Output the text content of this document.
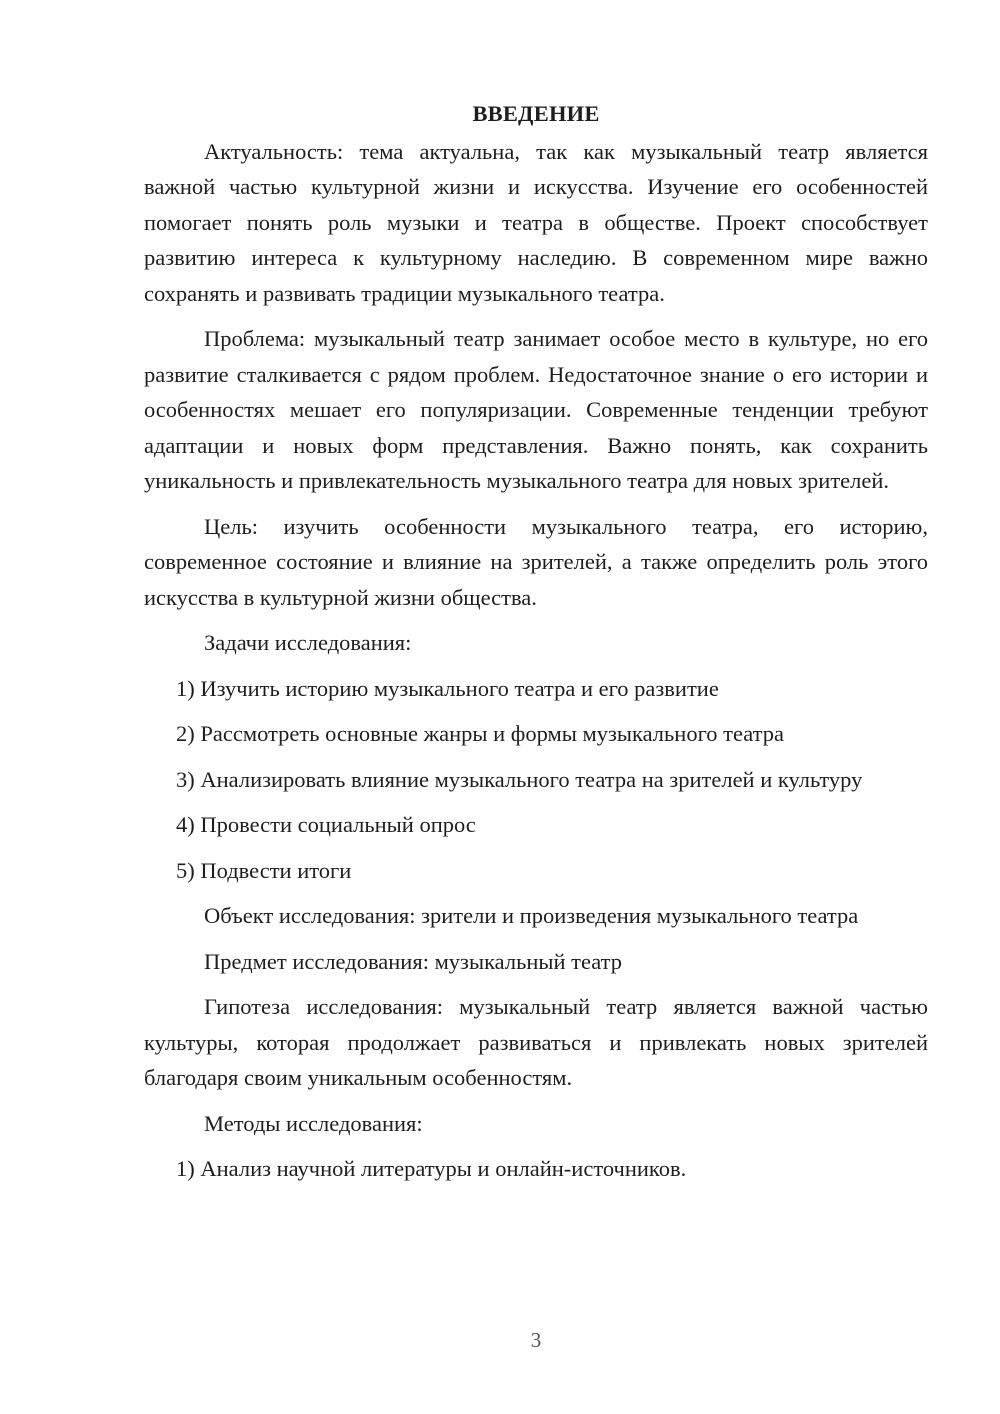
ВВЕДЕНИЕ

Актуальность: тема актуальна, так как музыкальный театр является важной частью культурной жизни и искусства. Изучение его особенностей помогает понять роль музыки и театра в обществе. Проект способствует развитию интереса к культурному наследию. В современном мире важно сохранять и развивать традиции музыкального театра.

Проблема: музыкальный театр занимает особое место в культуре, но его развитие сталкивается с рядом проблем. Недостаточное знание о его истории и особенностях мешает его популяризации. Современные тенденции требуют адаптации и новых форм представления. Важно понять, как сохранить уникальность и привлекательность музыкального театра для новых зрителей.

Цель: изучить особенности музыкального театра, его историю, современное состояние и влияние на зрителей, а также определить роль этого искусства в культурной жизни общества.

Задачи исследования:

1) Изучить историю музыкального театра и его развитие

2) Рассмотреть основные жанры и формы музыкального театра

3) Анализировать влияние музыкального театра на зрителей и культуру

4) Провести социальный опрос

5) Подвести итоги

Объект исследования: зрители и произведения музыкального театра

Предмет исследования: музыкальный театр

Гипотеза исследования: музыкальный театр является важной частью культуры, которая продолжает развиваться и привлекать новых зрителей благодаря своим уникальным особенностям.

Методы исследования:

1) Анализ научной литературы и онлайн-источников.

3
